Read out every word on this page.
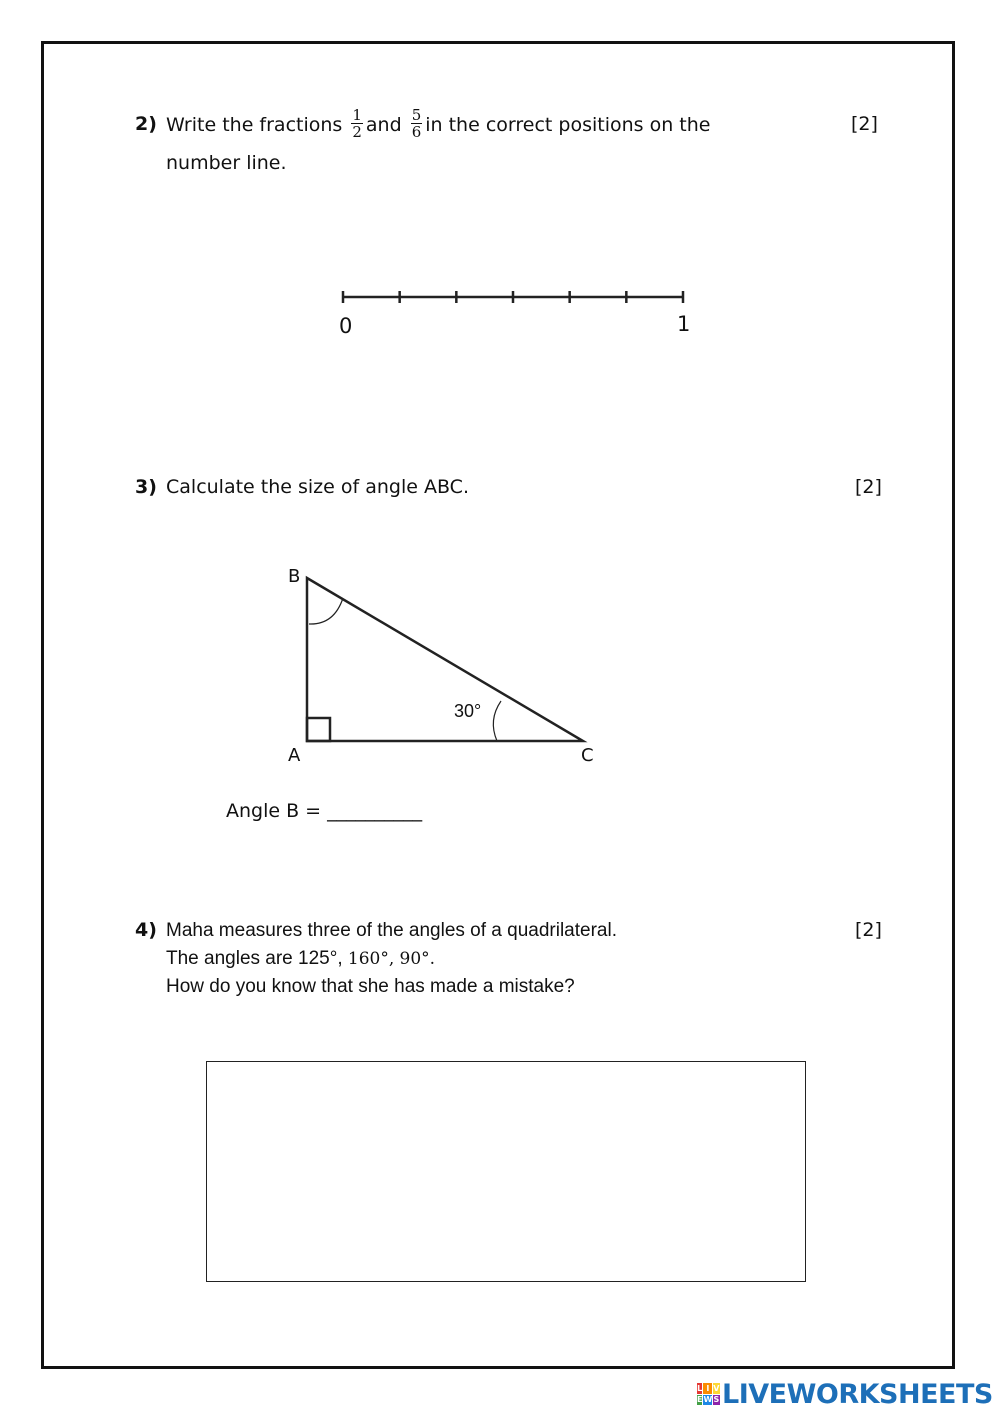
2) Write the fractions $\frac{1}{2}$ and $\frac{5}{6}$ in the correct positions on the
number line.
[2]
0	1
3) Calculate the size of angle ABC.	[2]
B
A	C
30°
Angle B = __________
4) Maha measures three of the angles of a quadrilateral.
The angles are 125°, 160°, 90°.
How do you know that she has made a mistake?
[2]
L I V
E W S LIVEWORKSHEETS
